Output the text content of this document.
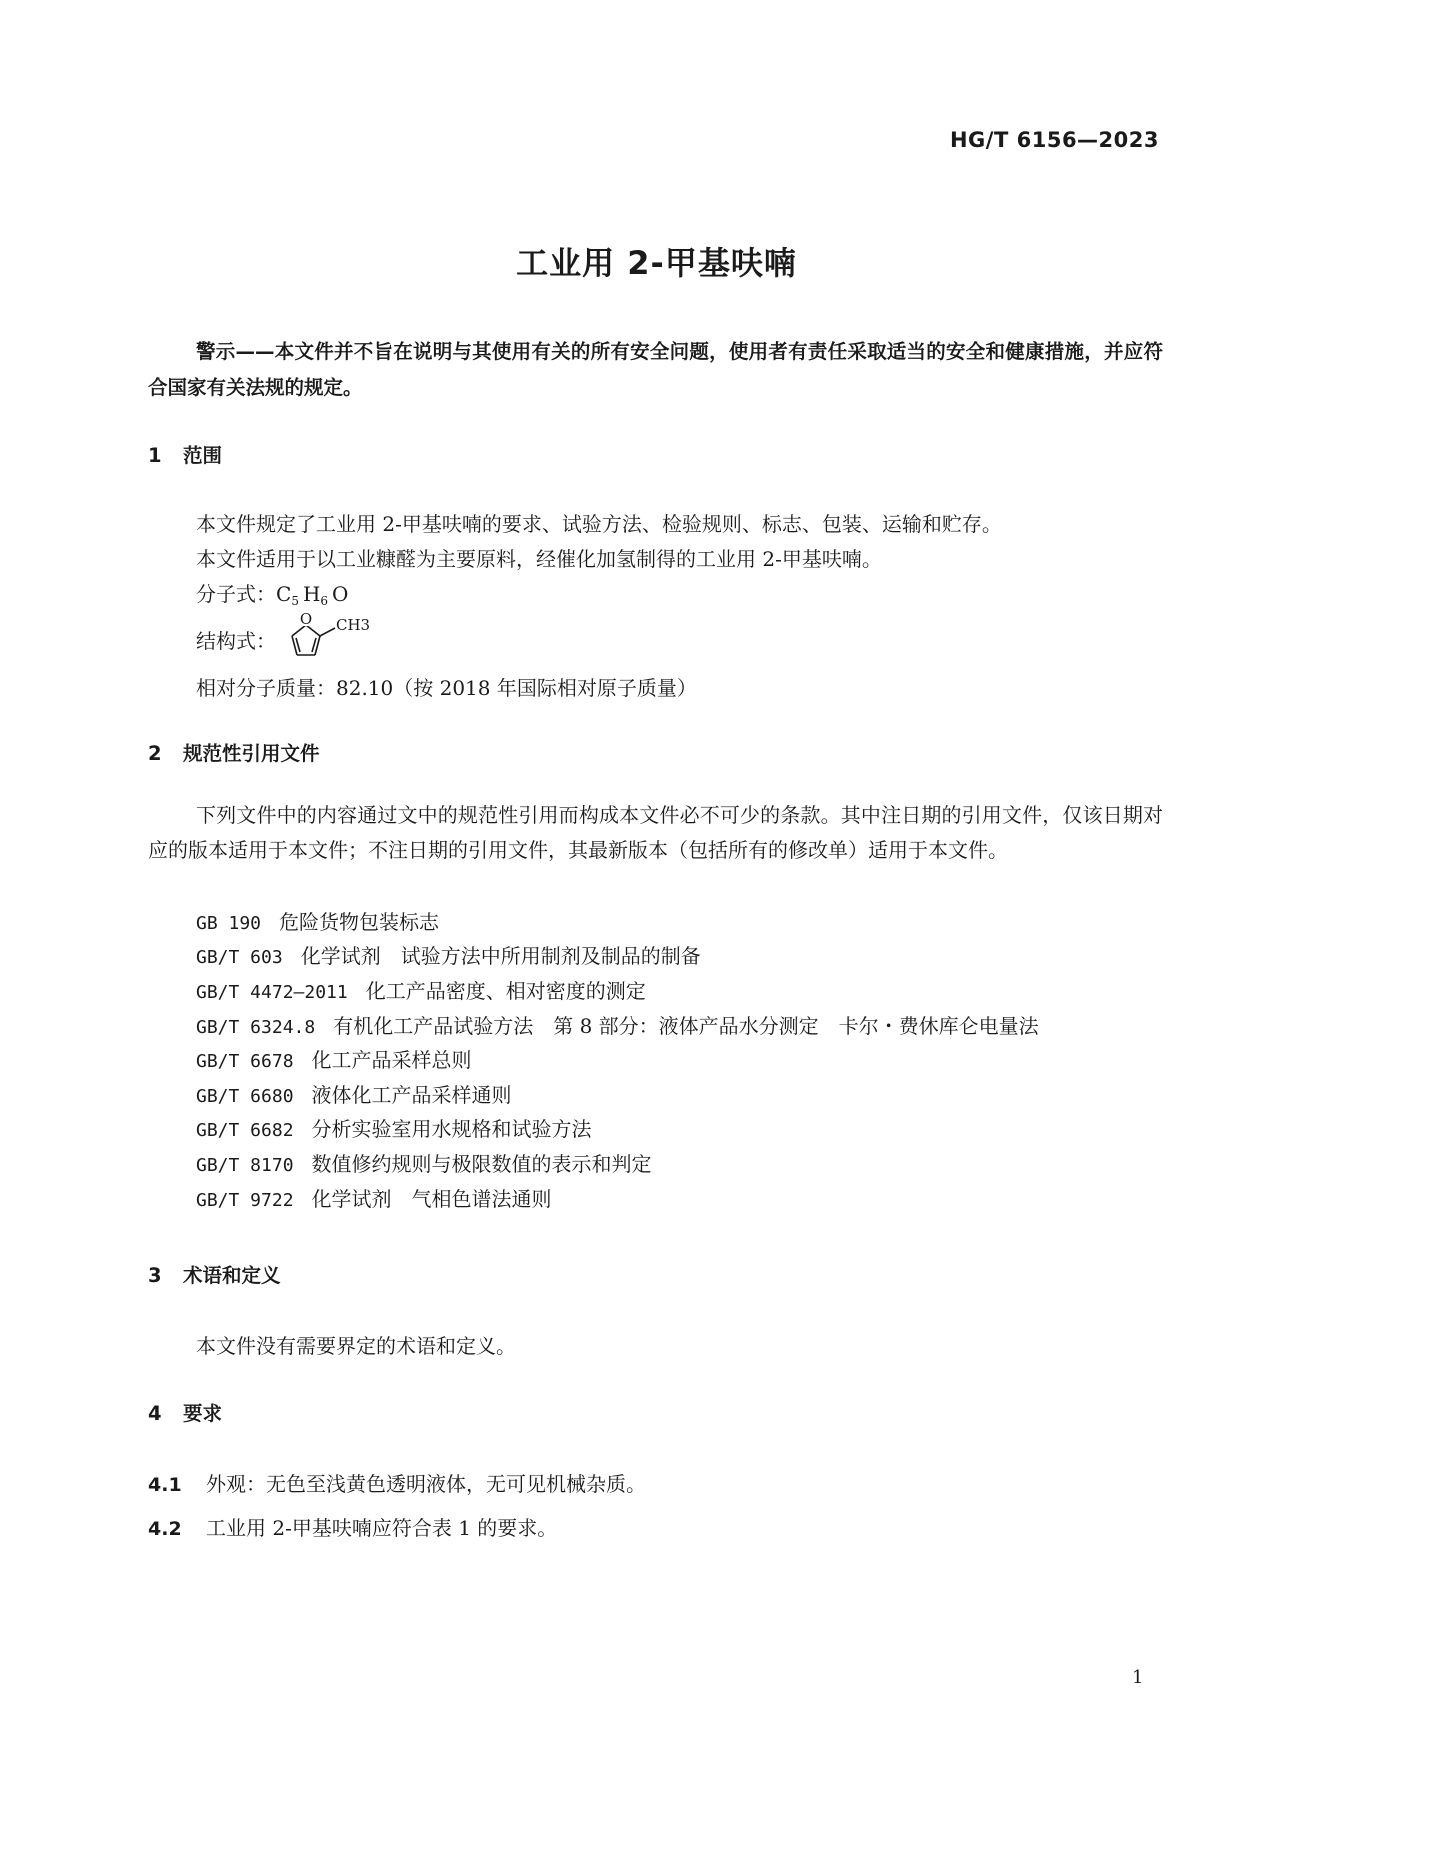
HG/T 6156—2023
工业用 2-甲基呋喃
警示——本文件并不旨在说明与其使用有关的所有安全问题，使用者有责任采取适当的安全和健康措施，并应符合国家有关法规的规定。
1 范围
本文件规定了工业用 2-甲基呋喃的要求、试验方法、检验规则、标志、包装、运输和贮存。
本文件适用于以工业糠醛为主要原料，经催化加氢制得的工业用 2-甲基呋喃。
分子式：$C_5$  $H_6$  O
结构式：
O CH3
相对分子质量：82.10（按 2018 年国际相对原子质量）
2 规范性引用文件
下列文件中的内容通过文中的规范性引用而构成本文件必不可少的条款。其中注日期的引用文件，仅该日期对应的版本适用于本文件；不注日期的引用文件，其最新版本（包括所有的修改单）适用于本文件。
GB 190 危险货物包装标志
GB/T 603 化学试剂　试验方法中所用制剂及制品的制备
GB/T 4472—2011 化工产品密度、相对密度的测定
GB/T 6324.8 有机化工产品试验方法　第 8 部分：液体产品水分测定　卡尔・费休库仑电量法
GB/T 6678 化工产品采样总则
GB/T 6680 液体化工产品采样通则
GB/T 6682 分析实验室用水规格和试验方法
GB/T 8170 数值修约规则与极限数值的表示和判定
GB/T 9722 化学试剂　气相色谱法通则
3 术语和定义
本文件没有需要界定的术语和定义。
4 要求
4.1 外观：无色至浅黄色透明液体，无可见机械杂质。
4.2 工业用 2-甲基呋喃应符合表 1 的要求。
1
